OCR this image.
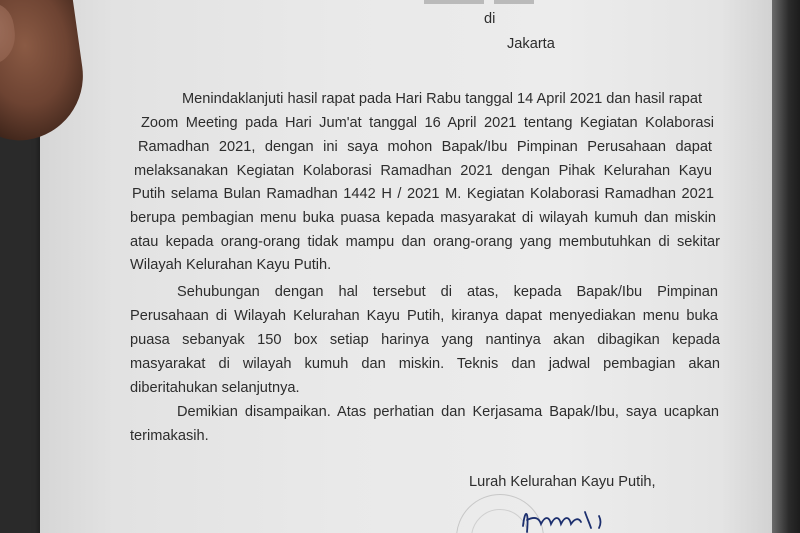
di
Jakarta
Menindaklanjuti hasil rapat pada Hari Rabu tanggal 14 April 2021 dan hasil rapat
Zoom Meeting pada Hari Jum'at tanggal 16 April 2021 tentang Kegiatan Kolaborasi
Ramadhan 2021, dengan ini saya mohon Bapak/Ibu Pimpinan Perusahaan dapat
melaksanakan Kegiatan Kolaborasi Ramadhan 2021 dengan Pihak Kelurahan Kayu
Putih selama Bulan Ramadhan 1442 H / 2021 M. Kegiatan Kolaborasi Ramadhan 2021
berupa pembagian menu buka puasa kepada masyarakat di wilayah kumuh dan miskin
atau kepada orang-orang tidak mampu dan orang-orang yang membutuhkan di sekitar
Wilayah Kelurahan Kayu Putih.
Sehubungan dengan hal tersebut di atas, kepada Bapak/Ibu Pimpinan
Perusahaan di Wilayah Kelurahan Kayu Putih, kiranya dapat menyediakan menu buka
puasa sebanyak 150 box setiap harinya yang nantinya akan dibagikan kepada
masyarakat di wilayah kumuh dan miskin. Teknis dan jadwal pembagian akan
diberitahukan selanjutnya.
Demikian disampaikan. Atas perhatian dan Kerjasama Bapak/Ibu, saya ucapkan
terimakasih.
Lurah Kelurahan Kayu Putih,
